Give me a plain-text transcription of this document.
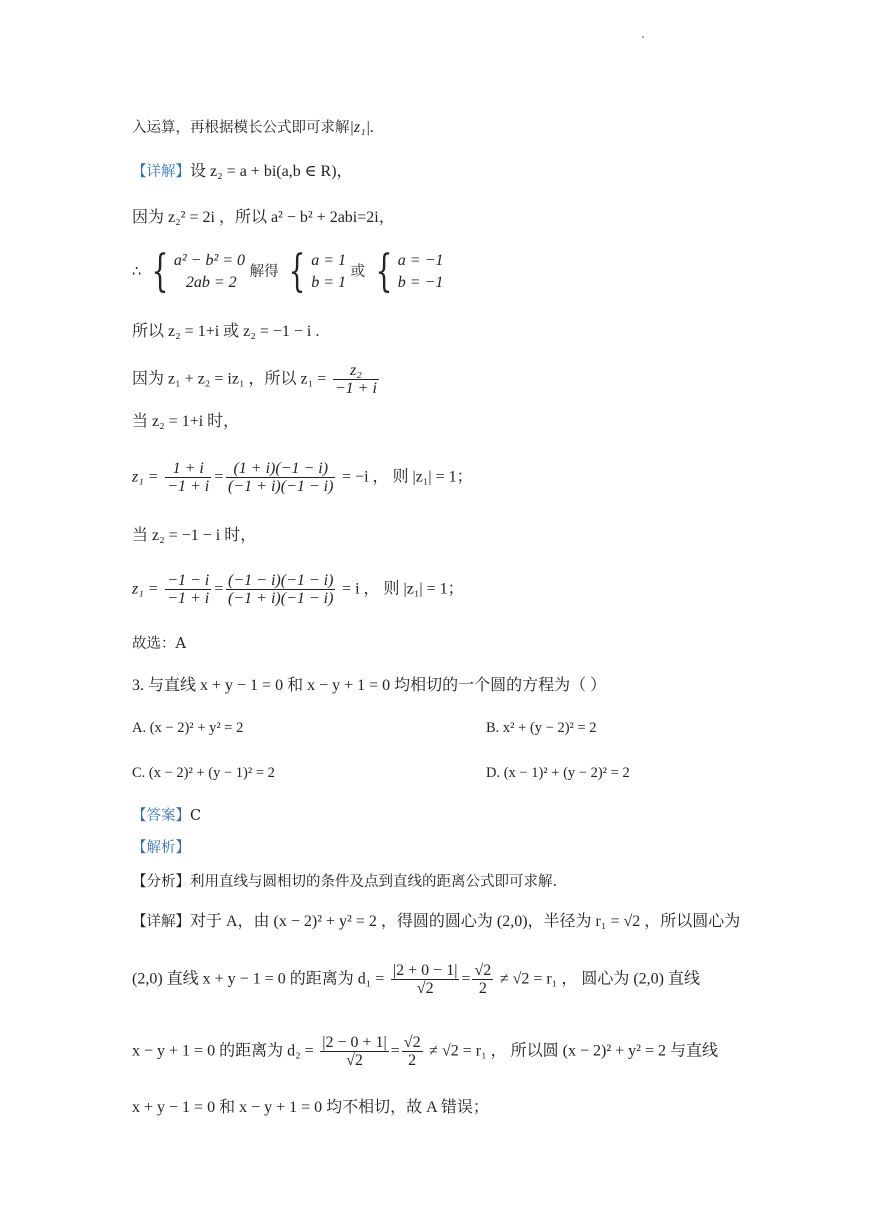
入运算，再根据模长公式即可求解|z₁|.
【详解】设 z₂ = a + bi(a,b ∈ R)，
因为 z₂² = 2i ，所以 a² − b² + 2abi=2i，
∴ { a² − b² = 0
2ab = 2
解得 { a = 1
b = 1
或 { a = −1
b = −1
所以 z₂ = 1+i 或 z₂ = −1 − i .
因为 z₁ + z₂ = iz₁ ，所以 $z_1 = \frac{\text{z₂}}{-1 + i}$
当 z₂ = 1+i 时，
$z_1 = \frac{1 + i}{-1 + i} = \frac{(1 + i)(-1 - i)}{(-1 + i)(-1 - i)} = -i$ ， 则 |z₁| = 1；
当 z₂ = −1 − i 时，
$z_1 = \frac{-1 - i}{-1 + i} = \frac{(-1 - i)(-1 - i)}{(-1 + i)(-1 - i)} = i$ ， 则 |z₁| = 1；
故选：A
3. 与直线 x + y − 1 = 0 和 x − y + 1 = 0 均相切的一个圆的方程为（ ）
A. (x − 2)² + y² = 2	B. x² + (y − 2)² = 2
C. (x − 2)² + (y − 1)² = 2	D. (x − 1)² + (y − 2)² = 2
【答案】C
【解析】
【分析】利用直线与圆相切的条件及点到直线的距离公式即可求解.
【详解】对于 A，由 (x − 2)² + y² = 2 ，得圆的圆心为 (2,0)，半径为 r₁ = √2 ，所以圆心为
(2,0) 直线 x + y − 1 = 0 的距离为 $d_1 = \frac{|2 + 0 - 1|}{√2} = \frac{√2}{2} \ne √2 = r_1$ ， 圆心为 (2,0) 直线
x − y + 1 = 0 的距离为 $d_2 = \frac{|2 - 0 + 1|}{√2} = \frac{√2}{2} \ne √2 = r_1$ ， 所以圆 (x − 2)² + y² = 2 与直线
x + y − 1 = 0 和 x − y + 1 = 0 均不相切，故 A 错误；
